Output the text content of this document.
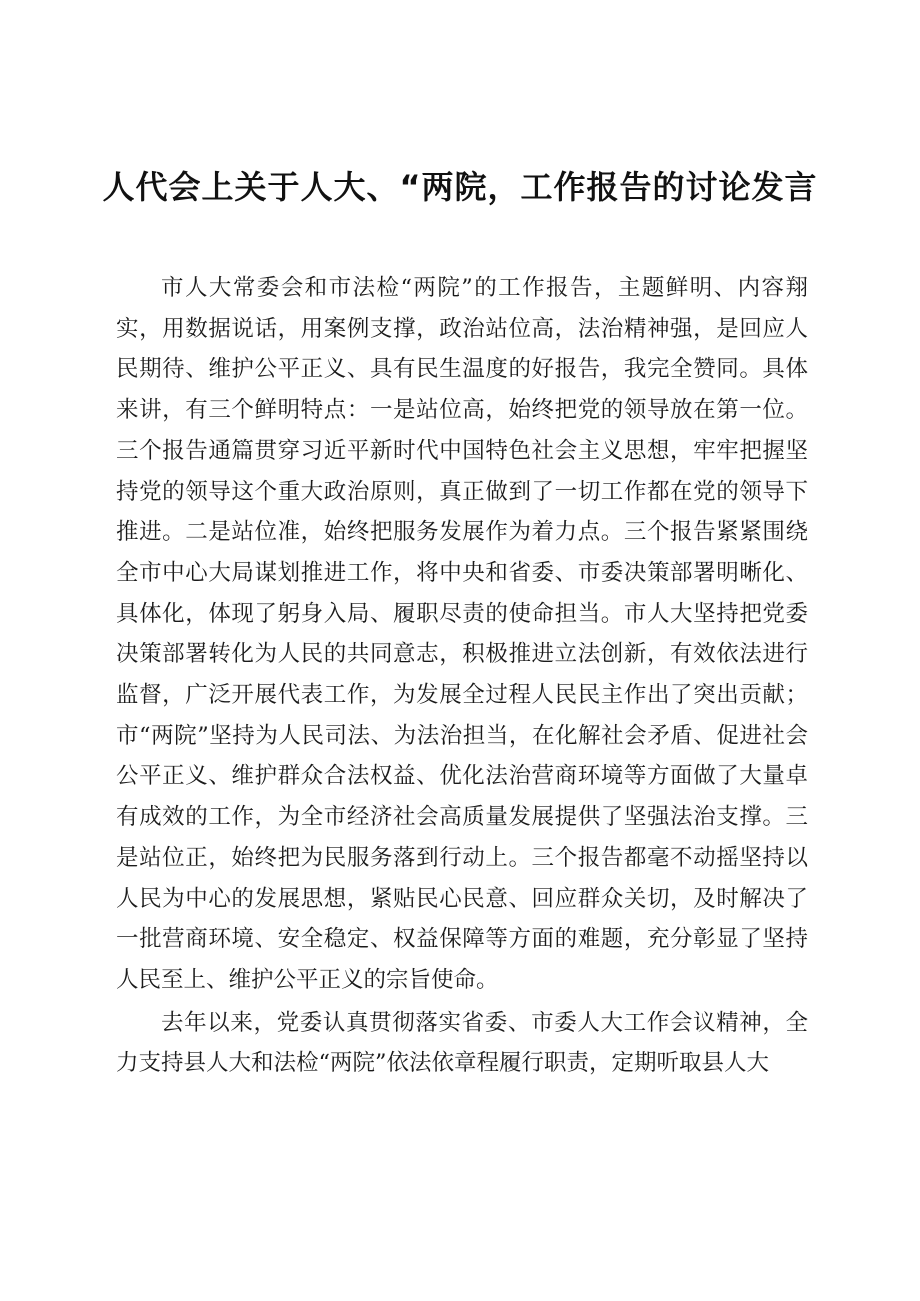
人代会上关于人大、“两院，工作报告的讨论发言

市人大常委会和市法检“两院”的工作报告，主题鲜明、内容翔实，用数据说话，用案例支撑，政治站位高，法治精神强，是回应人民期待、维护公平正义、具有民生温度的好报告，我完全赞同。具体来讲，有三个鲜明特点：一是站位高，始终把党的领导放在第一位。三个报告通篇贯穿习近平新时代中国特色社会主义思想，牢牢把握坚持党的领导这个重大政治原则，真正做到了一切工作都在党的领导下推进。二是站位准，始终把服务发展作为着力点。三个报告紧紧围绕全市中心大局谋划推进工作，将中央和省委、市委决策部署明晰化、具体化，体现了躬身入局、履职尽责的使命担当。市人大坚持把党委决策部署转化为人民的共同意志，积极推进立法创新，有效依法进行监督，广泛开展代表工作，为发展全过程人民民主作出了突出贡献；市“两院”坚持为人民司法、为法治担当，在化解社会矛盾、促进社会公平正义、维护群众合法权益、优化法治营商环境等方面做了大量卓有成效的工作，为全市经济社会高质量发展提供了坚强法治支撑。三是站位正，始终把为民服务落到行动上。三个报告都毫不动摇坚持以人民为中心的发展思想，紧贴民心民意、回应群众关切，及时解决了一批营商环境、安全稳定、权益保障等方面的难题，充分彰显了坚持人民至上、维护公平正义的宗旨使命。

去年以来，党委认真贯彻落实省委、市委人大工作会议精神，全力支持县人大和法检“两院”依法依章程履行职责，定期听取县人大
